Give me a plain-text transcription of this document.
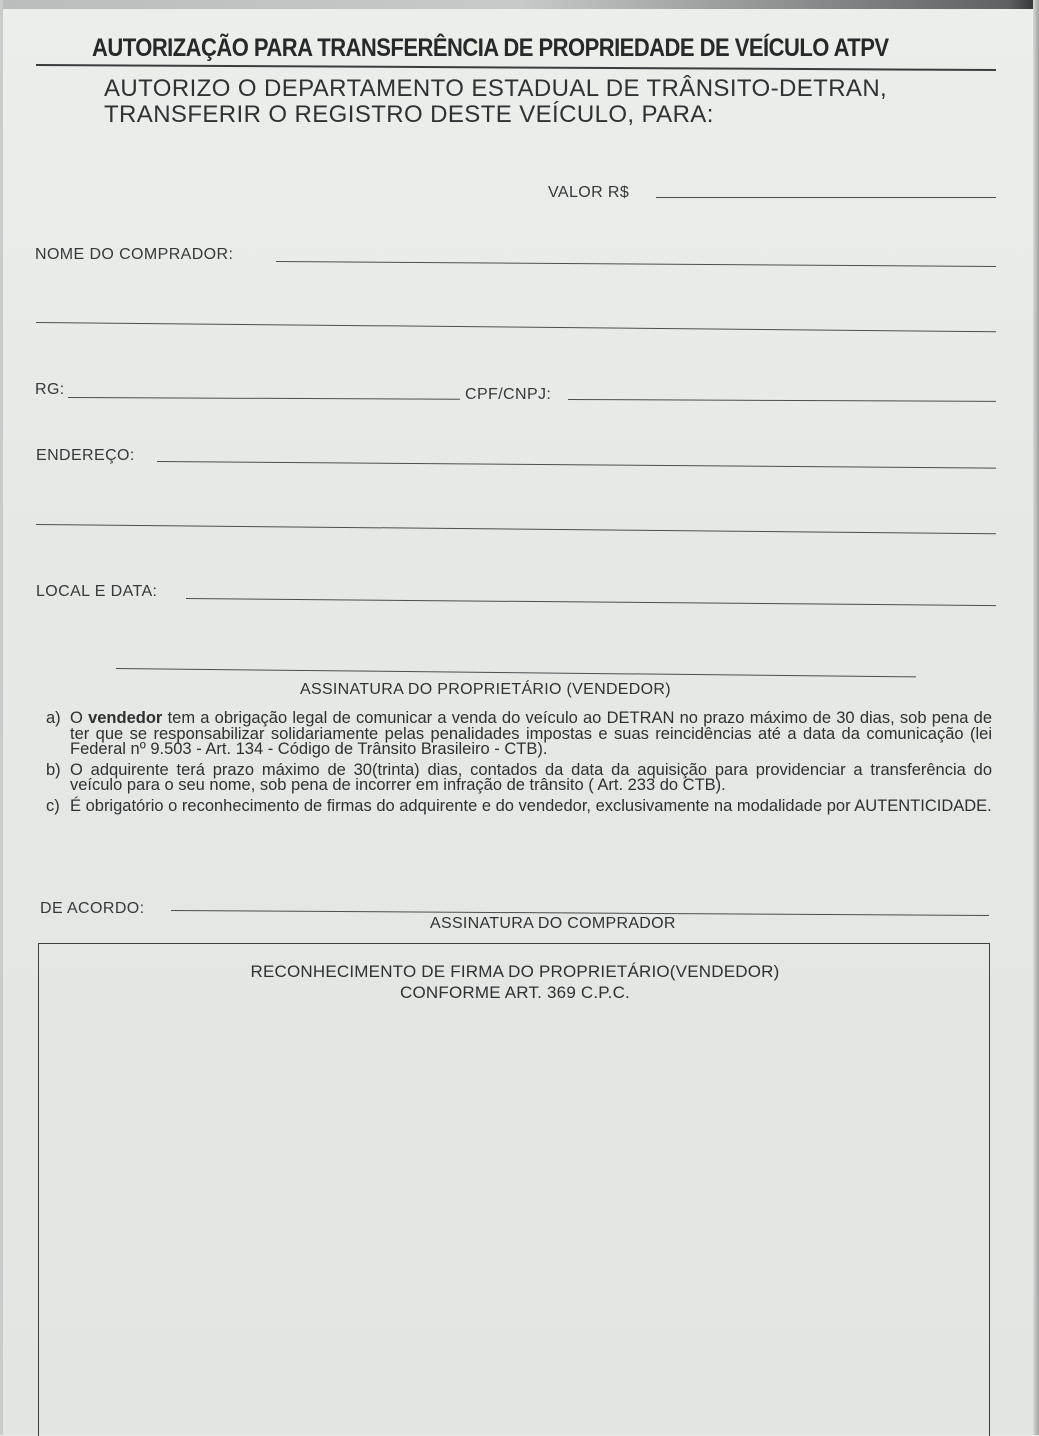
AUTORIZAÇÃO PARA TRANSFERÊNCIA DE PROPRIEDADE DE VEÍCULO ATPV
AUTORIZO O DEPARTAMENTO ESTADUAL DE TRÂNSITO-DETRAN,
TRANSFERIR O REGISTRO DESTE VEÍCULO, PARA:
VALOR R$
NOME DO COMPRADOR:
RG:	CPF/CNPJ:
ENDEREÇO:
LOCAL E DATA:
ASSINATURA DO PROPRIETÁRIO (VENDEDOR)
a) O vendedor tem a obrigação legal de comunicar a venda do veículo ao DETRAN no prazo máximo de 30 dias, sob pena de ter que se responsabilizar solidariamente pelas penalidades impostas e suas reincidências até a data da comunicação (lei Federal nº 9.503 - Art. 134 - Código de Trânsito Brasileiro - CTB).
b) O adquirente terá prazo máximo de 30(trinta) dias, contados da data da aquisição para providenciar a transferência do veículo para o seu nome, sob pena de incorrer em infração de trânsito ( Art. 233 do CTB).
c) É obrigatório o reconhecimento de firmas do adquirente e do vendedor, exclusivamente na modalidade por AUTENTICIDADE.
DE ACORDO:
ASSINATURA DO COMPRADOR
RECONHECIMENTO DE FIRMA DO PROPRIETÁRIO(VENDEDOR)
CONFORME ART. 369 C.P.C.
